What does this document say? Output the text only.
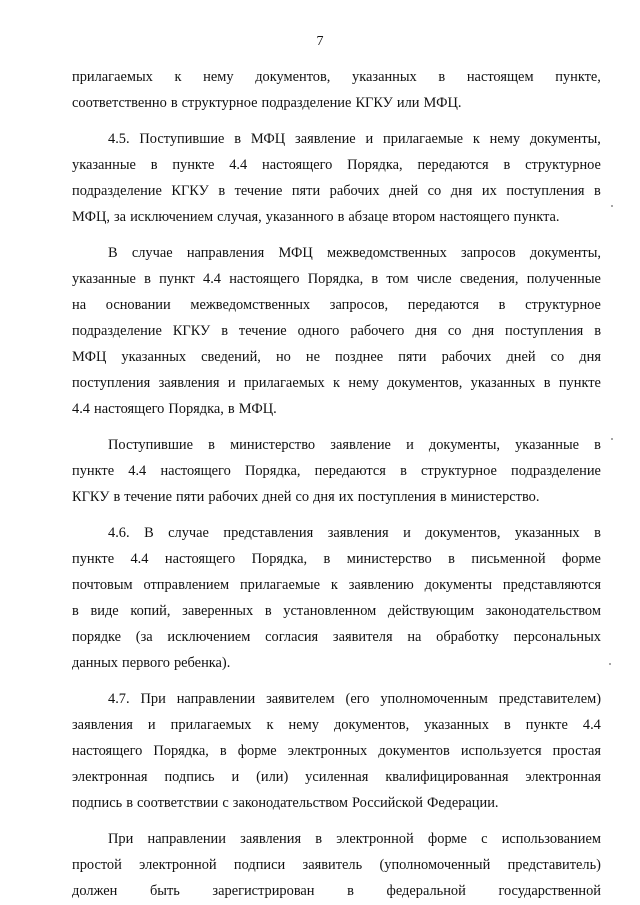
7
прилагаемых к нему документов, указанных в настоящем пункте,
соответственно в структурное подразделение КГКУ или МФЦ.
4.5. Поступившие в МФЦ заявление и прилагаемые к нему документы,
указанные в пункте 4.4 настоящего Порядка, передаются в структурное
подразделение КГКУ в течение пяти рабочих дней со дня их поступления в
МФЦ, за исключением случая, указанного в абзаце втором настоящего пункта.
В случае направления МФЦ межведомственных запросов документы,
указанные в пункт 4.4 настоящего Порядка, в том числе сведения, полученные
на основании межведомственных запросов, передаются в структурное
подразделение КГКУ в течение одного рабочего дня со дня поступления в
МФЦ указанных сведений, но не позднее пяти рабочих дней со дня
поступления заявления и прилагаемых к нему документов, указанных в пункте
4.4 настоящего Порядка, в МФЦ.
Поступившие в министерство заявление и документы, указанные в
пункте 4.4 настоящего Порядка, передаются в структурное подразделение
КГКУ в течение пяти рабочих дней со дня их поступления в министерство.
4.6. В случае представления заявления и документов, указанных в
пункте 4.4 настоящего Порядка, в министерство в письменной форме
почтовым отправлением прилагаемые к заявлению документы представляются
в виде копий, заверенных в установленном действующим законодательством
порядке (за исключением согласия заявителя на обработку персональных
данных первого ребенка).
4.7. При направлении заявителем (его уполномоченным представителем)
заявления и прилагаемых к нему документов, указанных в пункте 4.4
настоящего Порядка, в форме электронных документов используется простая
электронная подпись и (или) усиленная квалифицированная электронная
подпись в соответствии с законодательством Российской Федерации.
При направлении заявления в электронной форме с использованием
простой электронной подписи заявитель (уполномоченный представитель)
должен быть зарегистрирован в федеральной государственной
